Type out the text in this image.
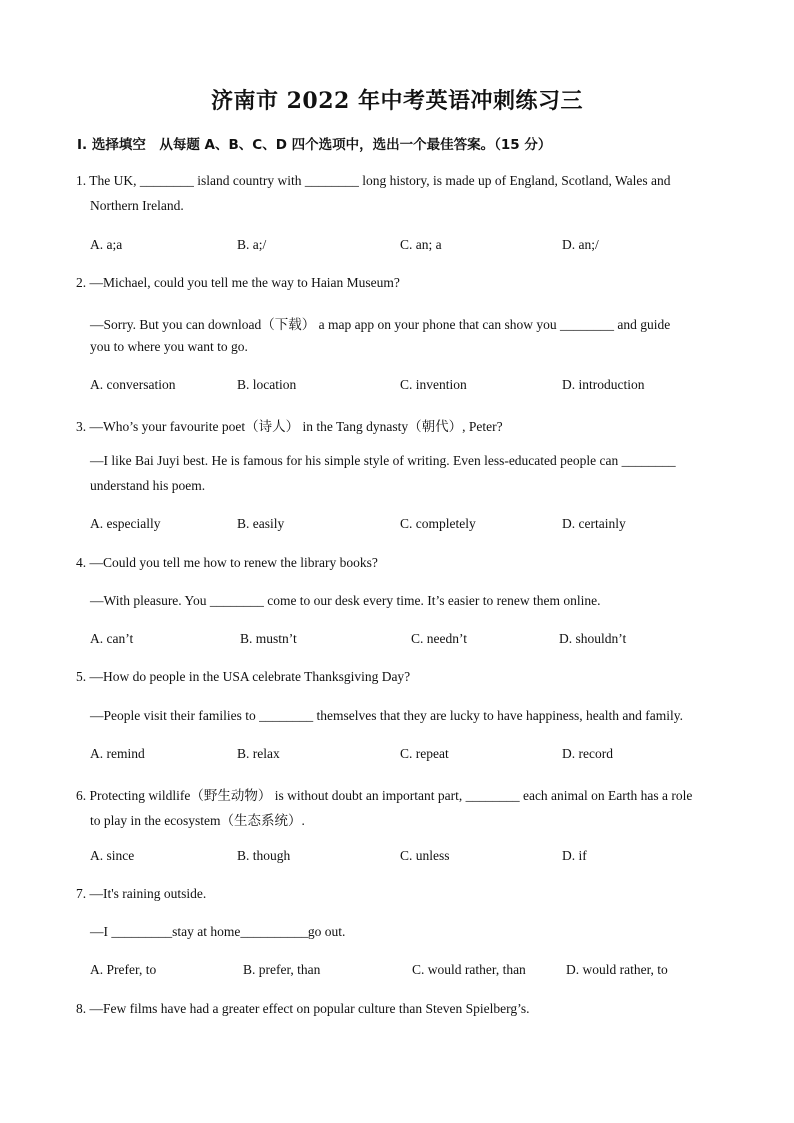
济南市 2022 年中考英语冲刺练习三
I. 选择填空　从每题 A、B、C、D 四个选项中，选出一个最佳答案。（15 分）
1. The UK, ________ island country with ________ long history, is made up of England, Scotland, Wales and
Northern Ireland.
A. a;a	B. a;/	C. an; a	D. an;/
2. —Michael, could you tell me the way to Haian Museum?
—Sorry. But you can download（下载） a map app on your phone that can show you ________ and guide
you to where you want to go.
A. conversation	B. location	C. invention	D. introduction
3. —Who’s your favourite poet（诗人） in the Tang dynasty（朝代）, Peter?
—I like Bai Juyi best. He is famous for his simple style of writing. Even less-educated people can ________
understand his poem.
A. especially	B. easily	C. completely	D. certainly
4. —Could you tell me how to renew the library books?
—With pleasure. You ________ come to our desk every time. It’s easier to renew them online.
A. can’t	B. mustn’t	C. needn’t	D. shouldn’t
5. —How do people in the USA celebrate Thanksgiving Day?
—People visit their families to ________ themselves that they are lucky to have happiness, health and family.
A. remind	B. relax	C. repeat	D. record
6. Protecting wildlife（野生动物） is without doubt an important part, ________ each animal on Earth has a role
to play in the ecosystem（生态系统）.
A. since	B. though	C. unless	D. if
7. —It's raining outside.
—I _________stay at home__________go out.
A. Prefer, to	B. prefer, than	C. would rather, than	D. would rather, to
8. —Few films have had a greater effect on popular culture than Steven Spielberg’s.
